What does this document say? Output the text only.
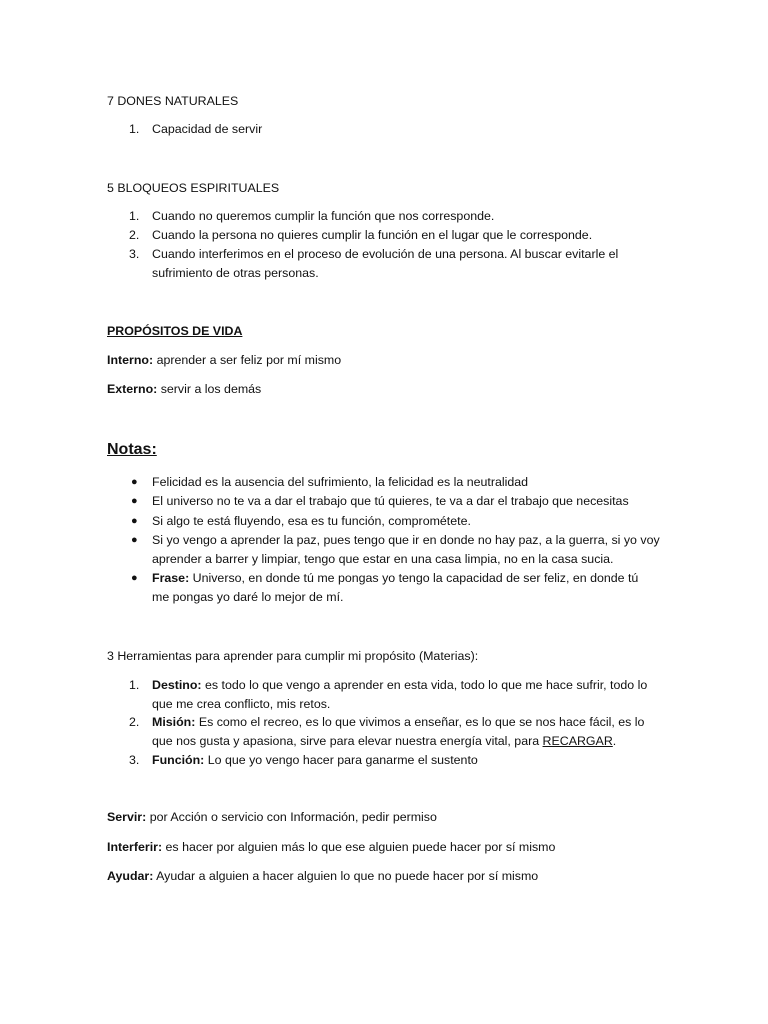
7 DONES NATURALES
1. Capacidad de servir
5 BLOQUEOS ESPIRITUALES
1. Cuando no queremos cumplir la función que nos corresponde.
2. Cuando la persona no quieres cumplir la función en el lugar que le corresponde.
3. Cuando interferimos en el proceso de evolución de una persona. Al buscar evitarle el
sufrimiento de otras personas.
PROPÓSITOS DE VIDA
Interno: aprender a ser feliz por mí mismo
Externo: servir a los demás
Notas:
● Felicidad es la ausencia del sufrimiento, la felicidad es la neutralidad
● El universo no te va a dar el trabajo que tú quieres, te va a dar el trabajo que necesitas
● Si algo te está fluyendo, esa es tu función, comprométete.
● Si yo vengo a aprender la paz, pues tengo que ir en donde no hay paz, a la guerra, si yo voy
aprender a barrer y limpiar, tengo que estar en una casa limpia, no en la casa sucia.
● Frase: Universo, en donde tú me pongas yo tengo la capacidad de ser feliz, en donde tú
me pongas yo daré lo mejor de mí.
3 Herramientas para aprender para cumplir mi propósito (Materias):
1. Destino: es todo lo que vengo a aprender en esta vida, todo lo que me hace sufrir, todo lo
que me crea conflicto, mis retos.
2. Misión: Es como el recreo, es lo que vivimos a enseñar, es lo que se nos hace fácil, es lo
que nos gusta y apasiona, sirve para elevar nuestra energía vital, para RECARGAR.
3. Función: Lo que yo vengo hacer para ganarme el sustento
Servir: por Acción o servicio con Información, pedir permiso
Interferir: es hacer por alguien más lo que ese alguien puede hacer por sí mismo
Ayudar: Ayudar a alguien a hacer alguien lo que no puede hacer por sí mismo
